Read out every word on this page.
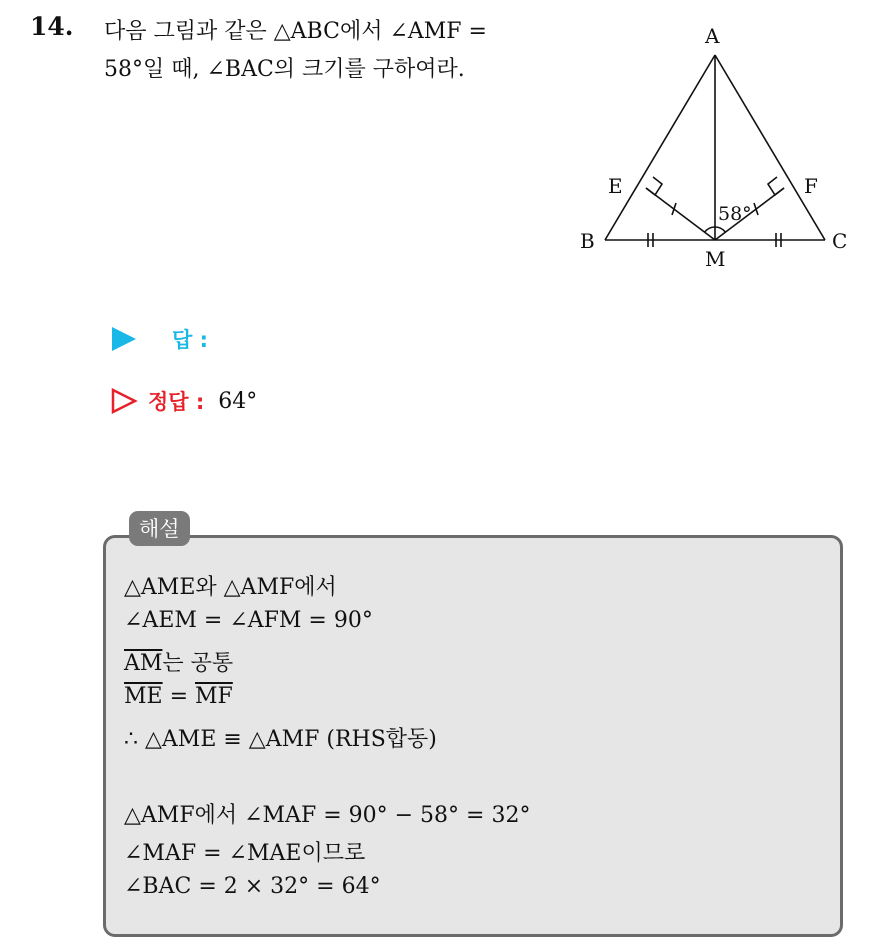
14. 다음 그림과 같은 △ABC에서 ∠AMF =
58°일 때, ∠BAC의 크기를 구하여라.
A
B	C
E	F
M
58°
답 :
정답 : 64°
해설
△AME와 △AMF에서
∠AEM = ∠AFM = 90°
$\overline{AM}$는 공통
$\overline{ME} = \overline{MF}$
∴ △AME ≡ △AMF (RHS합동)
△AMF에서 ∠MAF = 90° − 58° = 32°
∠MAF = ∠MAE이므로
∠BAC = 2 × 32° = 64°
